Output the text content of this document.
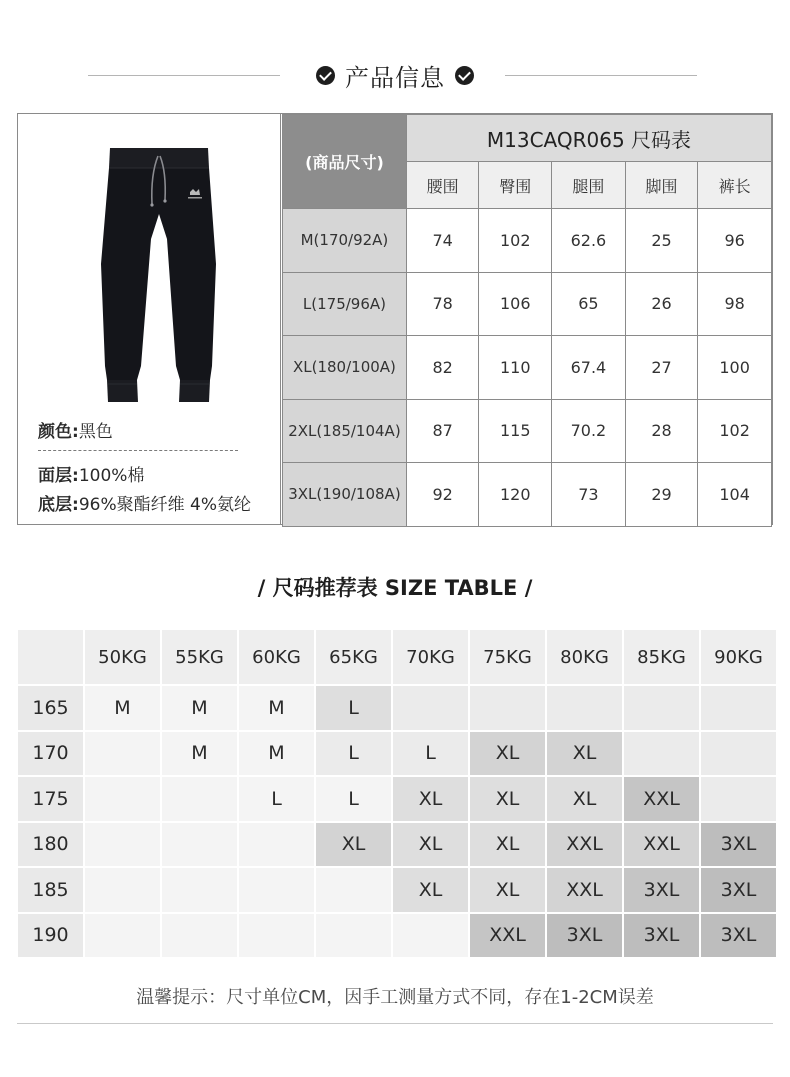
产品信息
颜色:黑色
面层:100%棉
底层:96%聚酯纤维 4%氨纶
(商品尺寸)	M13CAQR065 尺码表				
	腰围	臀围	腿围	脚围	裤长
M(170/92A)	74	102	62.6	25	96
L(175/96A)	78	106	65	26	98
XL(180/100A)	82	110	67.4	27	100
2XL(185/104A)	87	115	70.2	28	102
3XL(190/108A)	92	120	73	29	104
/ 尺码推荐表 SIZE TABLE /
	50KG	55KG	60KG	65KG	70KG	75KG	80KG	85KG	90KG
165	M	M	M	L					
170		M	M	L	L	XL	XL		
175			L	L	XL	XL	XL	XXL	
180				XL	XL	XL	XXL	XXL	3XL
185					XL	XL	XXL	3XL	3XL
190						XXL	3XL	3XL	3XL
温馨提示：尺寸单位CM，因手工测量方式不同，存在1-2CM误差
